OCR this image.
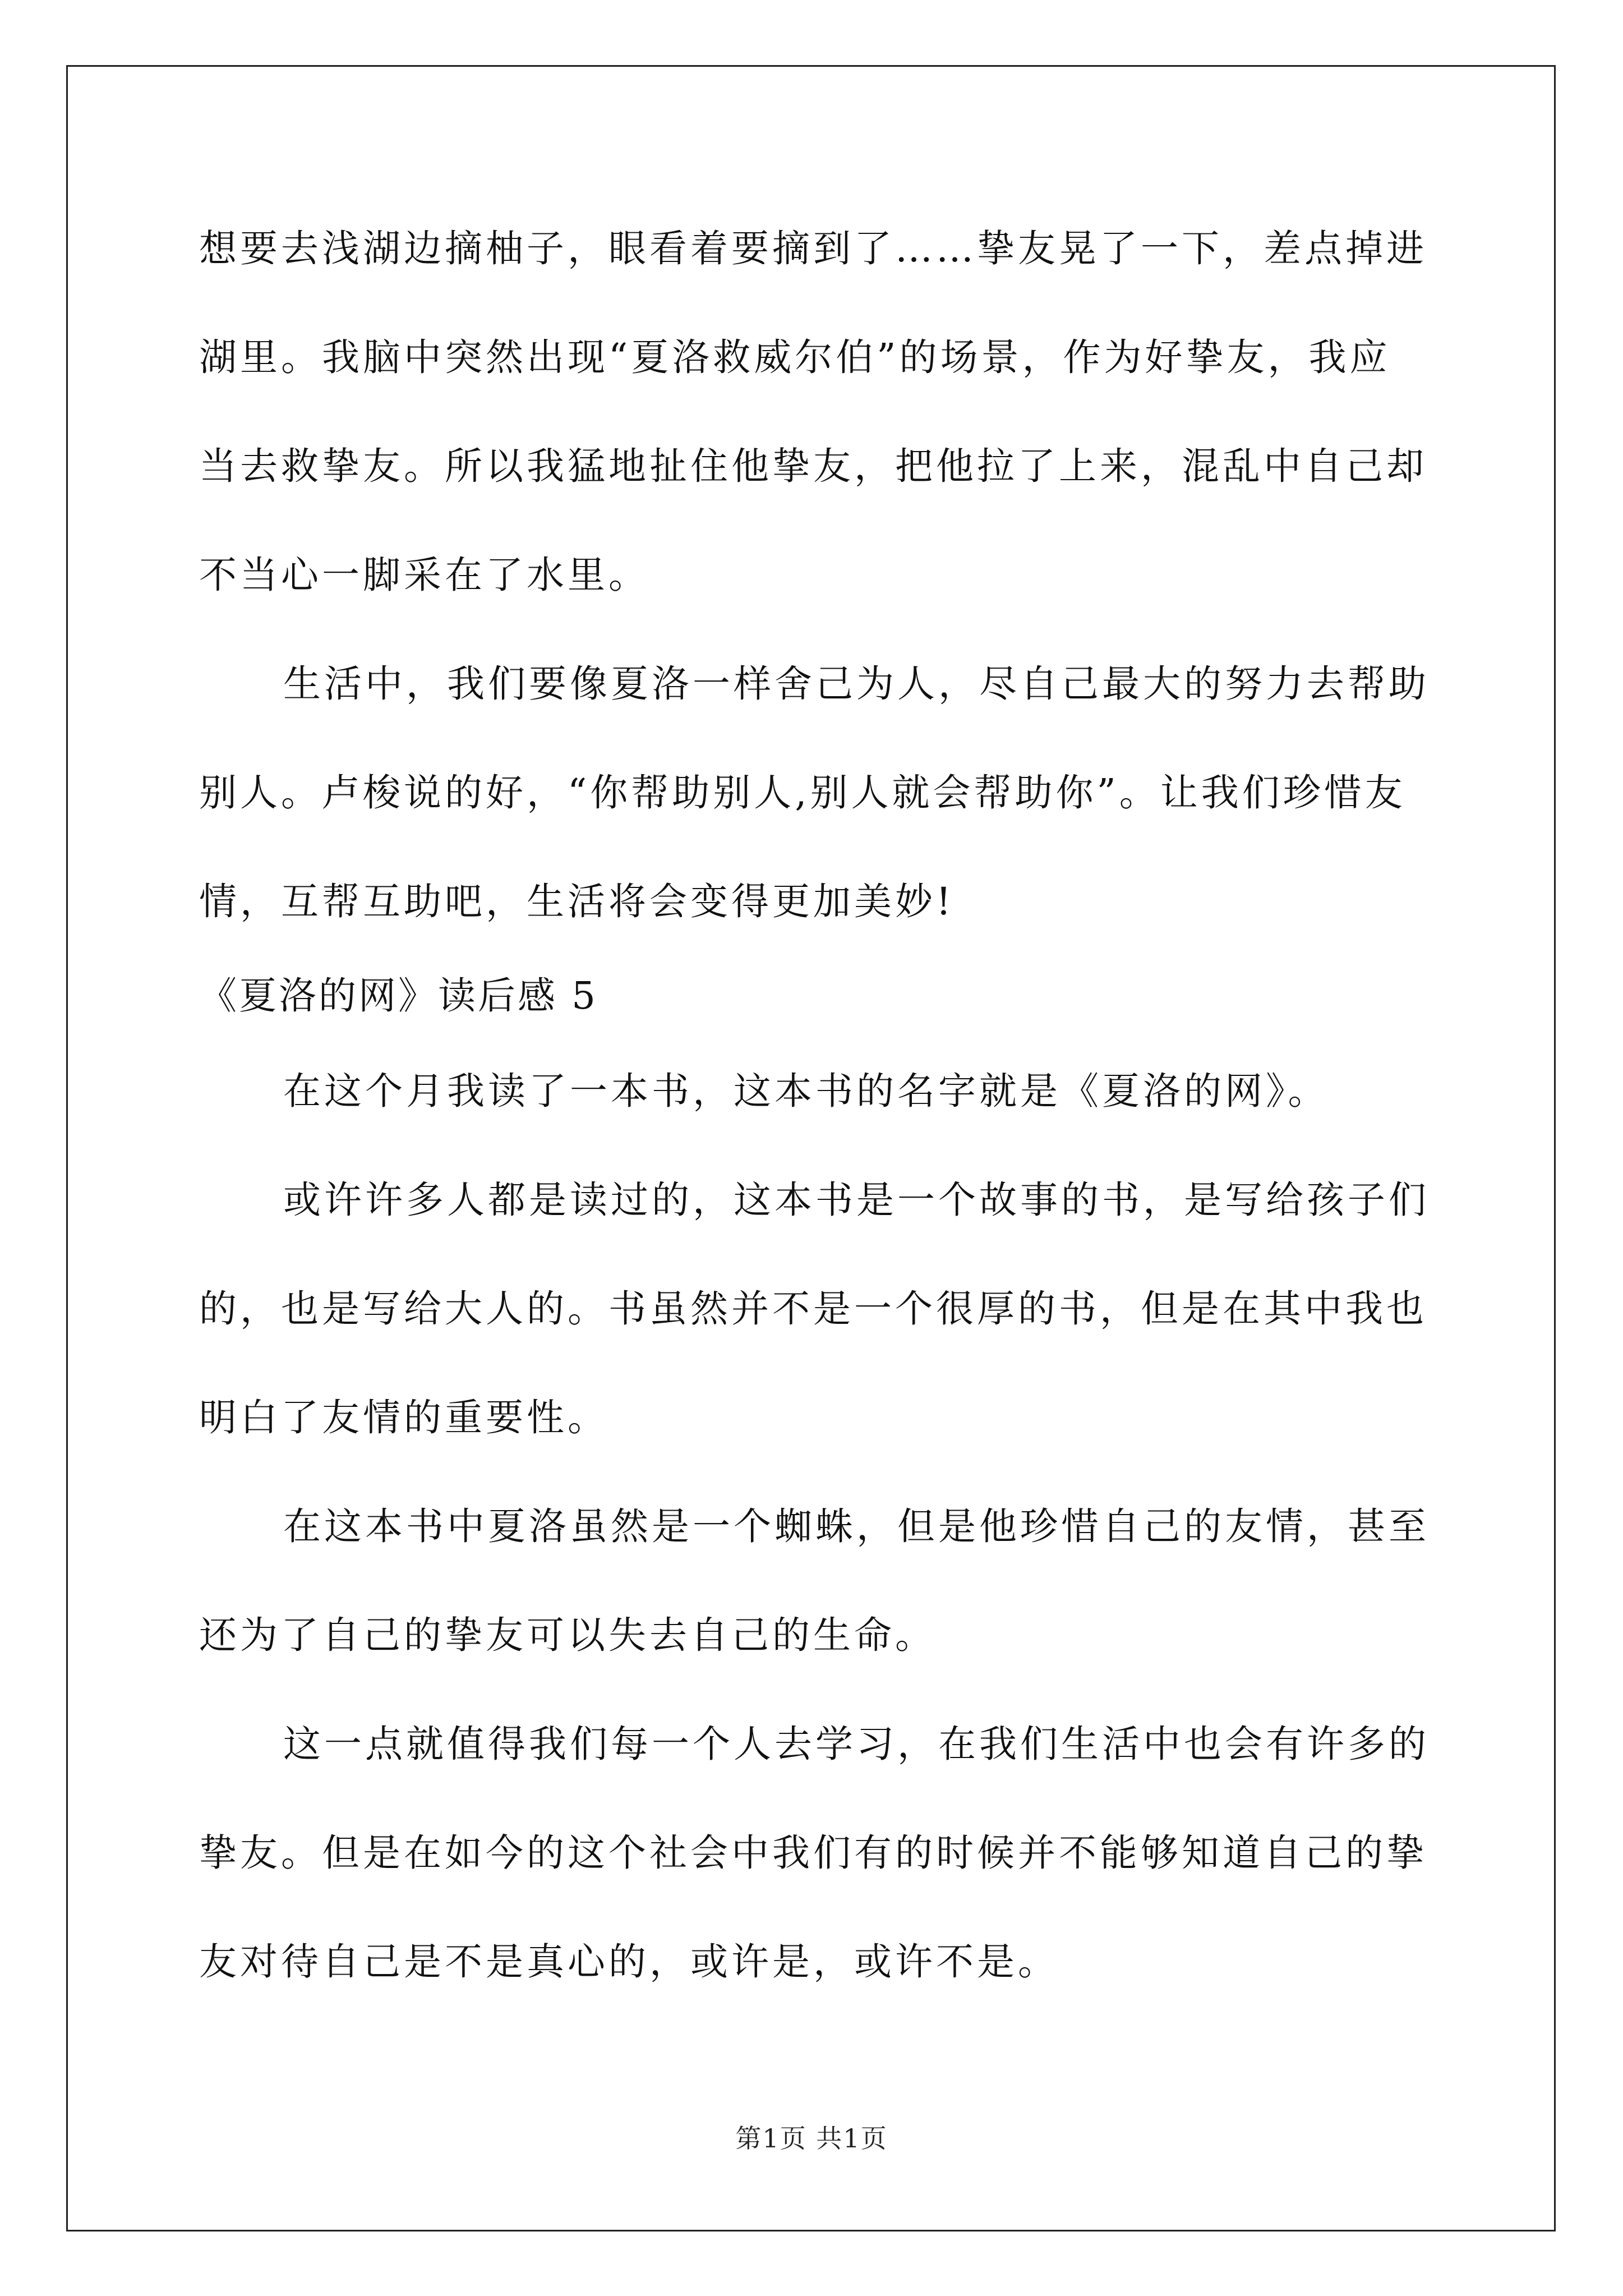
想要去浅湖边摘柚子，眼看着要摘到了……挚友晃了一下，差点掉进
湖里。我脑中突然出现“夏洛救威尔伯”的场景，作为好挚友，我应
当去救挚友。所以我猛地扯住他挚友，把他拉了上来，混乱中自己却
不当心一脚采在了水里。
生活中，我们要像夏洛一样舍己为人，尽自己最大的努力去帮助
别人。卢梭说的好，“你帮助别人,别人就会帮助你”。让我们珍惜友
情，互帮互助吧，生活将会变得更加美妙!
《夏洛的网》读后感 5
在这个月我读了一本书，这本书的名字就是《夏洛的网》。
或许许多人都是读过的，这本书是一个故事的书，是写给孩子们
的，也是写给大人的。书虽然并不是一个很厚的书，但是在其中我也
明白了友情的重要性。
在这本书中夏洛虽然是一个蜘蛛，但是他珍惜自己的友情，甚至
还为了自己的挚友可以失去自己的生命。
这一点就值得我们每一个人去学习，在我们生活中也会有许多的
挚友。但是在如今的这个社会中我们有的时候并不能够知道自己的挚
友对待自己是不是真心的，或许是，或许不是。
第1页 共1页
